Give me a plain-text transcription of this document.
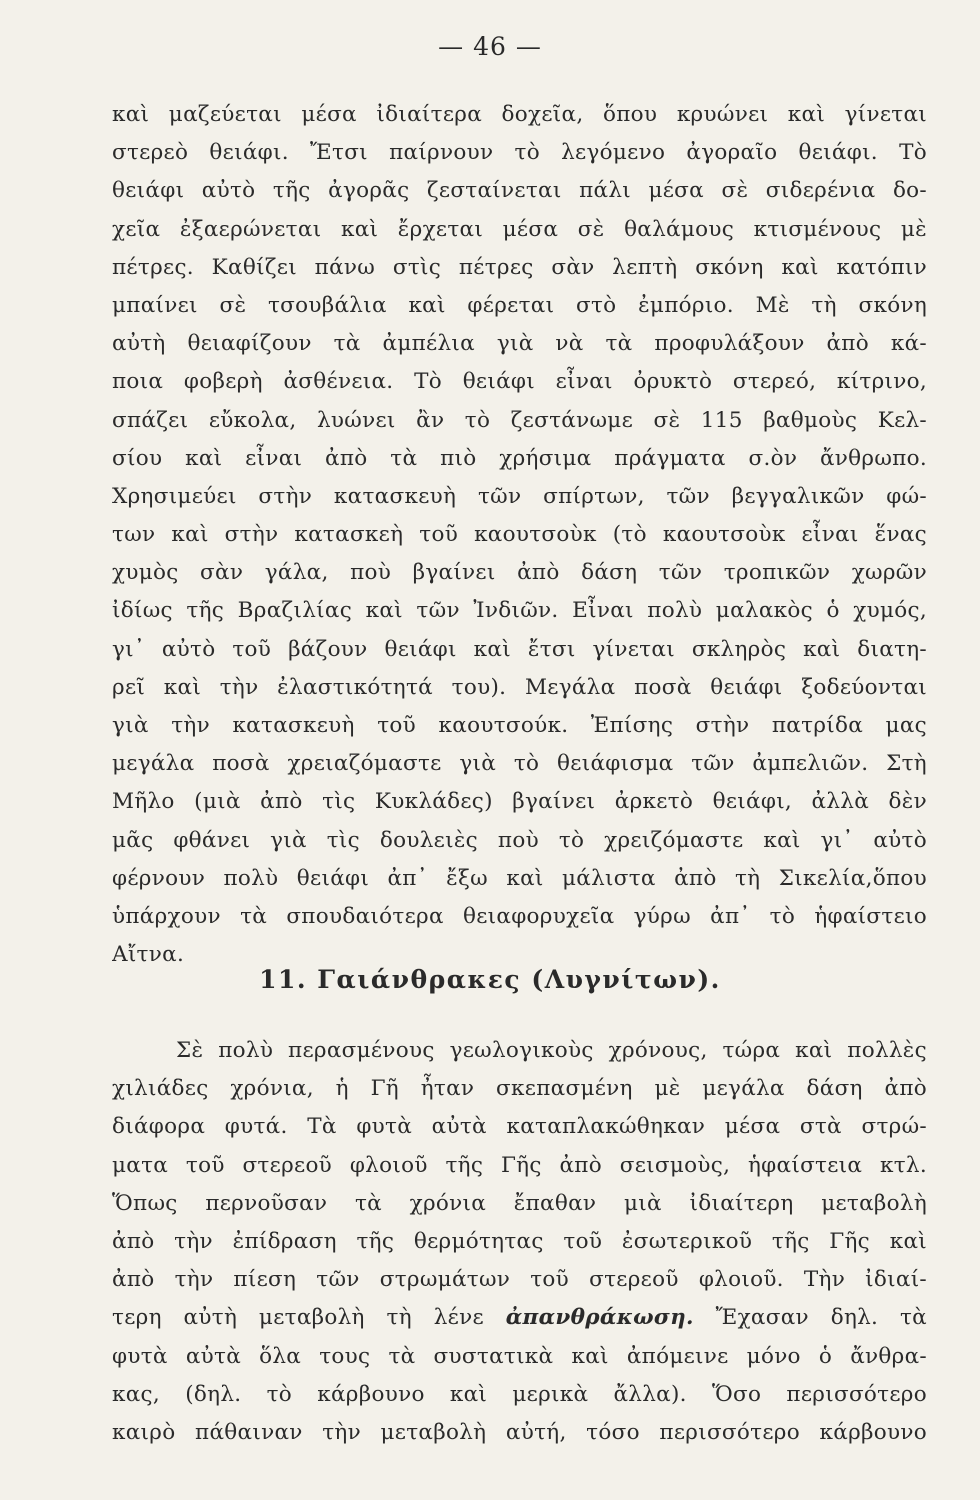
— 46 —
καὶ μαζεύεται μέσα ἰδιαίτερα δοχεῖα, ὅπου κρυώνει καὶ γίνεται
στερεὸ θειάφι. Ἔτσι παίρνουν τὸ λεγόμενο ἀγοραῖο θειάφι. Τὸ
θειάφι αὐτὸ τῆς ἀγορᾶς ζεσταίνεται πάλι μέσα σὲ σιδερένια δο-
χεῖα ἐξαερώνεται καὶ ἔρχεται μέσα σὲ θαλάμους κτισμένους μὲ
πέτρες. Καθίζει πάνω στὶς πέτρες σὰν λεπτὴ σκόνη καὶ κατόπιν
μπαίνει σὲ τσουβάλια καὶ φέρεται στὸ ἐμπόριο. Μὲ τὴ σκόνη
αὐτὴ θειαφίζουν τὰ ἀμπέλια γιὰ νὰ τὰ προφυλάξουν ἀπὸ κά-
ποια φοβερὴ ἀσθένεια. Τὸ θειάφι εἶναι ὀρυκτὸ στερεό, κίτρινο,
σπάζει εὔκολα, λυώνει ἂν τὸ ζεστάνωμε σὲ 115 βαθμοὺς Κελ-
σίου καὶ εἶναι ἀπὸ τὰ πιὸ χρήσιμα πράγματα σ.ὸν ἄνθρωπο.
Χρησιμεύει στὴν κατασκευὴ τῶν σπίρτων, τῶν βεγγαλικῶν φώ-
των καὶ στὴν κατασκεὴ τοῦ καουτσοὺκ (τὸ καουτσοὺκ εἶναι ἕνας
χυμὸς σὰν γάλα, ποὺ βγαίνει ἀπὸ δάση τῶν τροπικῶν χωρῶν
ἰδίως τῆς Βραζιλίας καὶ τῶν Ἰνδιῶν. Εἶναι πολὺ μαλακὸς ὁ χυμός,
γι᾽ αὐτὸ τοῦ βάζουν θειάφι καὶ ἔτσι γίνεται σκληρὸς καὶ διατη-
ρεῖ καὶ τὴν ἐλαστικότητά του). Μεγάλα ποσὰ θειάφι ξοδεύονται
γιὰ τὴν κατασκευὴ τοῦ καουτσούκ. Ἐπίσης στὴν πατρίδα μας
μεγάλα ποσὰ χρειαζόμαστε γιὰ τὸ θειάφισμα τῶν ἀμπελιῶν. Στὴ
Μῆλο (μιὰ ἀπὸ τὶς Κυκλάδες) βγαίνει ἀρκετὸ θειάφι, ἀλλὰ δὲν
μᾶς φθάνει γιὰ τὶς δουλειὲς ποὺ τὸ χρειζόμαστε καὶ γι᾽ αὐτὸ
φέρνουν πολὺ θειάφι ἀπ᾽ ἔξω καὶ μάλιστα ἀπὸ τὴ Σικελία,ὅπου
ὑπάρχουν τὰ σπουδαιότερα θειαφορυχεῖα γύρω ἀπ᾽ τὸ ἡφαίστειο
Αἴτνα.
11. Γαιάνθρακες (Λυγνίτων).
Σὲ πολὺ περασμένους γεωλογικοὺς χρόνους, τώρα καὶ πολλὲς
χιλιάδες χρόνια, ἡ Γῆ ἦταν σκεπασμένη μὲ μεγάλα δάση ἀπὸ
διάφορα φυτά. Τὰ φυτὰ αὐτὰ καταπλακώθηκαν μέσα στὰ στρώ-
ματα τοῦ στερεοῦ φλοιοῦ τῆς Γῆς ἀπὸ σεισμοὺς, ἡφαίστεια κτλ.
Ὅπως περνοῦσαν τὰ χρόνια ἔπαθαν μιὰ ἰδιαίτερη μεταβολὴ
ἀπὸ τὴν ἐπίδραση τῆς θερμότητας τοῦ ἐσωτερικοῦ τῆς Γῆς καὶ
ἀπὸ τὴν πίεση τῶν στρωμάτων τοῦ στερεοῦ φλοιοῦ. Τὴν ἰδιαί-
τερη αὐτὴ μεταβολὴ τὴ λένε ἀπανθράκωση. Ἔχασαν δηλ. τὰ
φυτὰ αὐτὰ ὅλα τους τὰ συστατικὰ καὶ ἀπόμεινε μόνο ὁ ἄνθρα-
κας, (δηλ. τὸ κάρβουνο καὶ μερικὰ ἄλλα). Ὅσο περισσότερο
καιρὸ πάθαιναν τὴν μεταβολὴ αὐτή, τόσο περισσότερο κάρβουνο
